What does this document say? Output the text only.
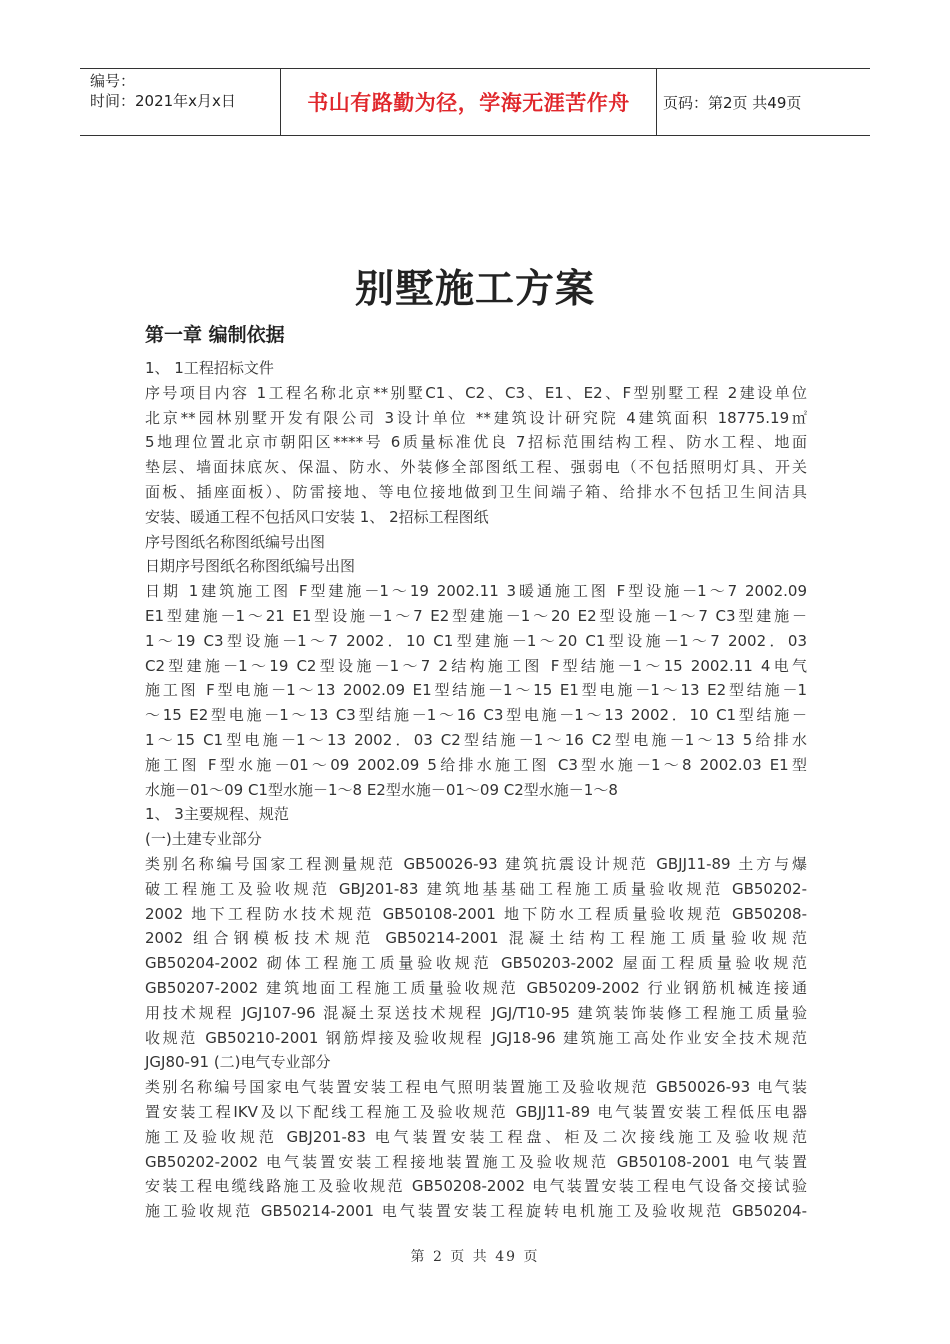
编号：
时间：2021年x月x日	书山有路勤为径，学海无涯苦作舟 页码：第2页 共49页
别墅施工方案
第一章 编制依据
1、 1工程招标文件
序号项目内容 1工程名称北京**别墅C1、C2、C3、E1、E2、F型别墅工程 2建设单位
北京**园林别墅开发有限公司 3设计单位 **建筑设计研究院 4建筑面积 18775.19㎡
5地理位置北京市朝阳区****号 6质量标准优良 7招标范围结构工程、防水工程、地面
垫层、墙面抹底灰、保温、防水、外装修全部图纸工程、强弱电（不包括照明灯具、开关
面板、插座面板）、防雷接地、等电位接地做到卫生间端子箱、给排水不包括卫生间洁具
安装、暖通工程不包括风口安装 1、 2招标工程图纸
序号图纸名称图纸编号出图
日期序号图纸名称图纸编号出图
日期 1建筑施工图 F型建施－1～19 2002.11 3暖通施工图 F型设施－1～7 2002.09
E1型建施－1～21 E1型设施－1～7 E2型建施－1～20 E2型设施－1～7 C3型建施－
1～19 C3型设施－1～7 2002．10 C1型建施－1～20 C1型设施－1～7 2002．03
C2型建施－1～19 C2型设施－1～7 2结构施工图 F型结施－1～15 2002.11 4电气
施工图 F型电施－1～13 2002.09 E1型结施－1～15 E1型电施－1～13 E2型结施－1
～15 E2型电施－1～13 C3型结施－1～16 C3型电施－1～13 2002．10 C1型结施－
1～15 C1型电施－1～13 2002．03 C2型结施－1～16 C2型电施－1～13 5给排水
施工图 F型水施－01～09 2002.09 5给排水施工图 C3型水施－1～8 2002.03 E1型
水施－01～09 C1型水施－1～8 E2型水施－01～09 C2型水施－1～8
1、 3主要规程、规范
(一)土建专业部分
类别名称编号国家工程测量规范 GB50026-93 建筑抗震设计规范 GBJJ11-89 土方与爆
破工程施工及验收规范 GBJ201-83 建筑地基基础工程施工质量验收规范 GB50202-
2002 地下工程防水技术规范 GB50108-2001 地下防水工程质量验收规范 GB50208-
2002 组合钢模板技术规范 GB50214-2001 混凝土结构工程施工质量验收规范
GB50204-2002 砌体工程施工质量验收规范 GB50203-2002 屋面工程质量验收规范
GB50207-2002 建筑地面工程施工质量验收规范 GB50209-2002 行业钢筋机械连接通
用技术规程 JGJ107-96 混凝土泵送技术规程 JGJ/T10-95 建筑装饰装修工程施工质量验
收规范 GB50210-2001 钢筋焊接及验收规程 JGJ18-96 建筑施工高处作业安全技术规范
JGJ80-91 (二)电气专业部分
类别名称编号国家电气装置安装工程电气照明装置施工及验收规范 GB50026-93 电气装
置安装工程IKV及以下配线工程施工及验收规范 GBJJ11-89 电气装置安装工程低压电器
施工及验收规范 GBJ201-83 电气装置安装工程盘、柜及二次接线施工及验收规范
GB50202-2002 电气装置安装工程接地装置施工及验收规范 GB50108-2001 电气装置
安装工程电缆线路施工及验收规范 GB50208-2002 电气装置安装工程电气设备交接试验
施工验收规范 GB50214-2001 电气装置安装工程旋转电机施工及验收规范 GB50204-
第 2 页 共 49 页
